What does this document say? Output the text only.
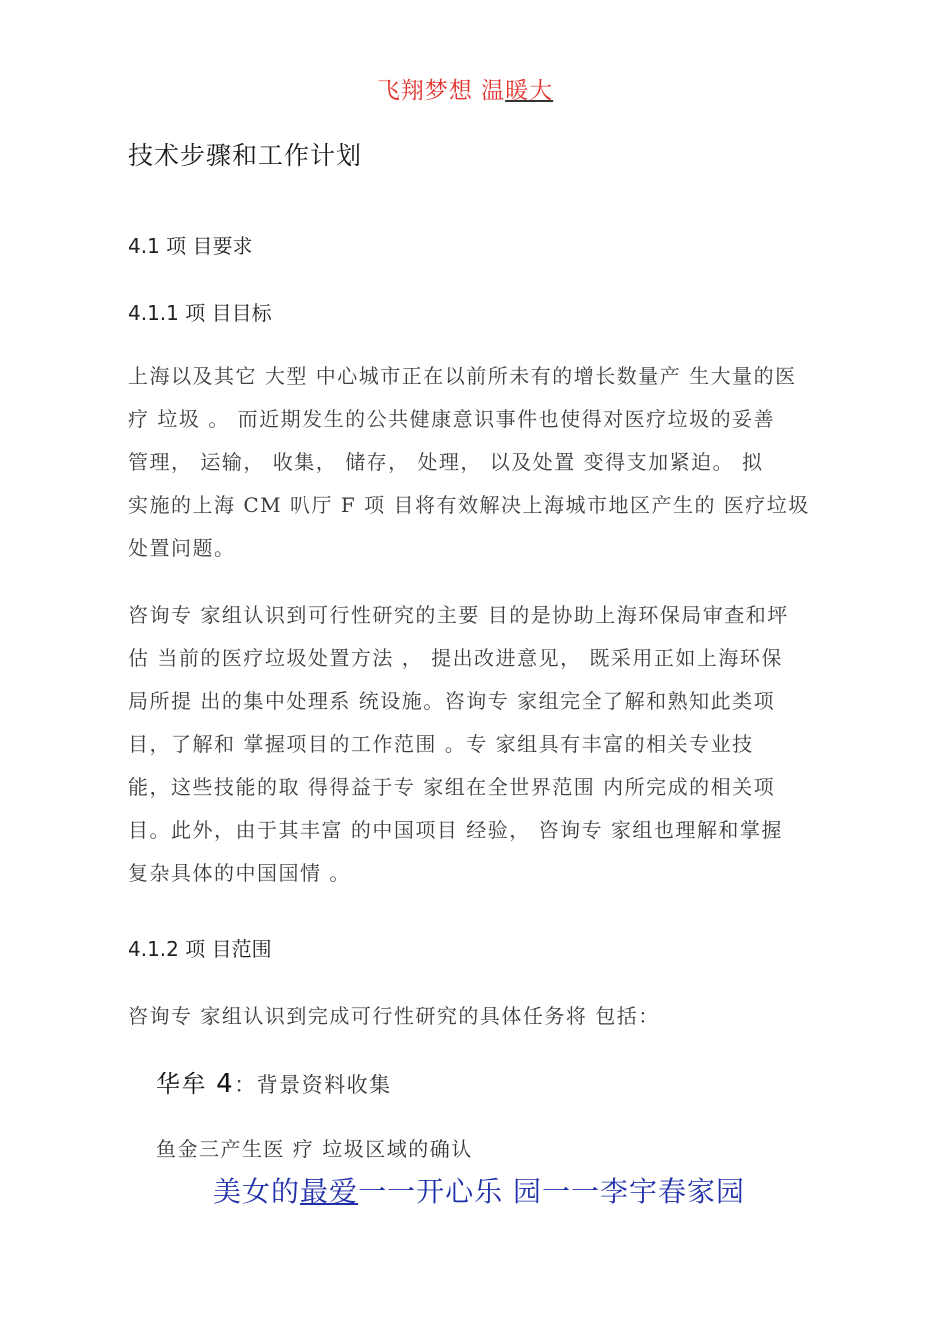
飞翔梦想 温暖大
技术步骤和工作计划
4.1 项 目要求
4.1.1 项 目目标
上海以及其它 大型 中心城市正在以前所未有的增长数量产 生大量的医
疗 垃圾 。 而近期发生的公共健康意识事件也使得对医疗垃圾的妥善
管理， 运输， 收集， 储存， 处理， 以及处置 变得支加紧迫。 拟
实施的上海 CM 叭厅 F 项 目将有效解决上海城市地区产生的 医疗垃圾
处置问题。
咨询专 家组认识到可行性研究的主要 目的是协助上海环保局审查和坪
估 当前的医疗垃圾处置方法 ， 提出改进意见， 既采用正如上海环保
局所提 出的集中处理系 统设施。咨询专 家组完全了解和熟知此类项
目，了解和 掌握项目的工作范围 。专 家组具有丰富的相关专业技
能，这些技能的取 得得益于专 家组在全世界范围 内所完成的相关项
目。此外，由于其丰富 的中国项目 经验， 咨询专 家组也理解和掌握
复杂具体的中国国情 。
4.1.2 项 目范围
咨询专 家组认识到完成可行性研究的具体任务将 包括：
华牟 4：背景资料收集
鱼金三产生医 疗 垃圾区域的确认
美女的最爱一一开心乐 园一一李宇春家园
